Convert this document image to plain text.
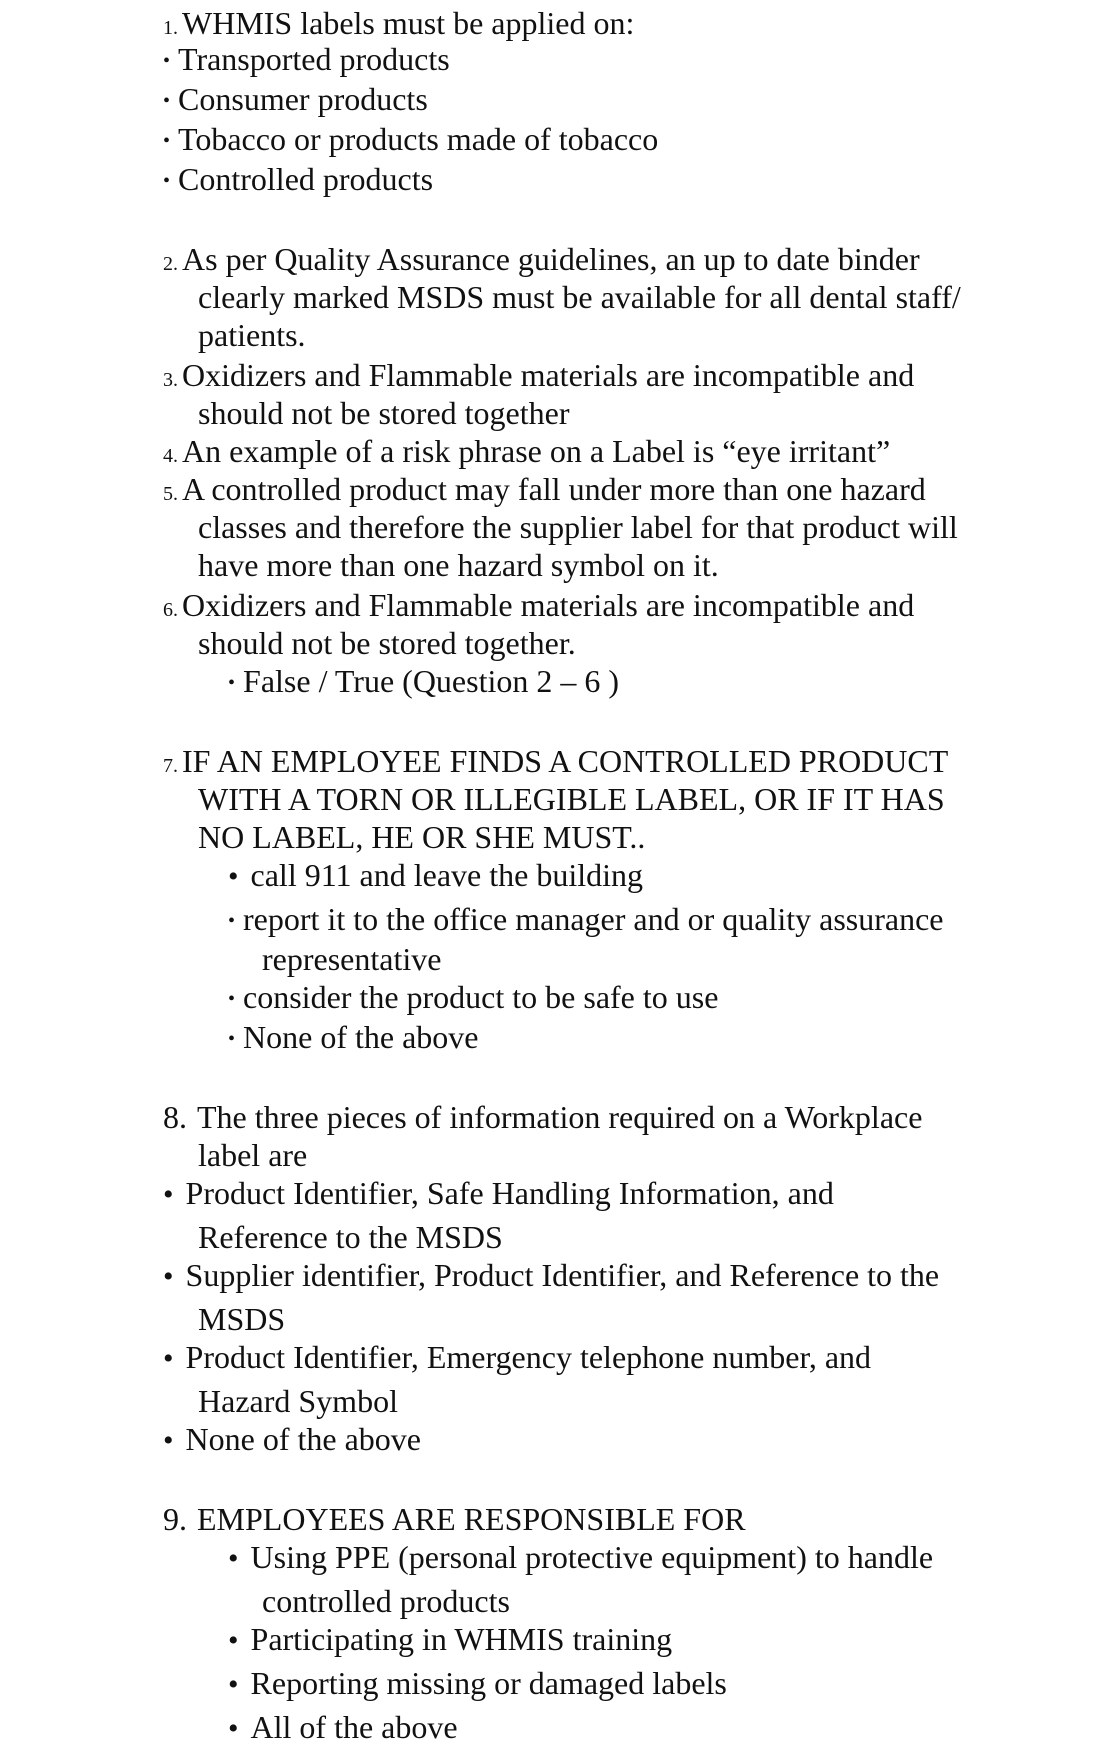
1. WHMIS labels must be applied on:
• Transported products
• Consumer products
• Tobacco or products made of tobacco
• Controlled products
2. As per Quality Assurance guidelines, an up to date binder
clearly marked MSDS must be available for all dental staff/
patients.
3. Oxidizers and Flammable materials are incompatible and
should not be stored together
4. An example of a risk phrase on a Label is “eye irritant”
5. A controlled product may fall under more than one hazard
classes and therefore the supplier label for that product will
have more than one hazard symbol on it.
6. Oxidizers and Flammable materials are incompatible and
should not be stored together.
• False / True (Question 2 – 6 )
7. IF AN EMPLOYEE FINDS A CONTROLLED PRODUCT
WITH A TORN OR ILLEGIBLE LABEL, OR IF IT HAS
NO LABEL, HE OR SHE MUST..
• call 911 and leave the building
• report it to the office manager and or quality assurance
representative
• consider the product to be safe to use
• None of the above
8. The three pieces of information required on a Workplace
label are
• Product Identifier, Safe Handling Information, and
Reference to the MSDS
• Supplier identifier, Product Identifier, and Reference to the
MSDS
• Product Identifier, Emergency telephone number, and
Hazard Symbol
• None of the above
9. EMPLOYEES ARE RESPONSIBLE FOR
• Using PPE (personal protective equipment) to handle
controlled products
• Participating in WHMIS training
• Reporting missing or damaged labels
• All of the above
